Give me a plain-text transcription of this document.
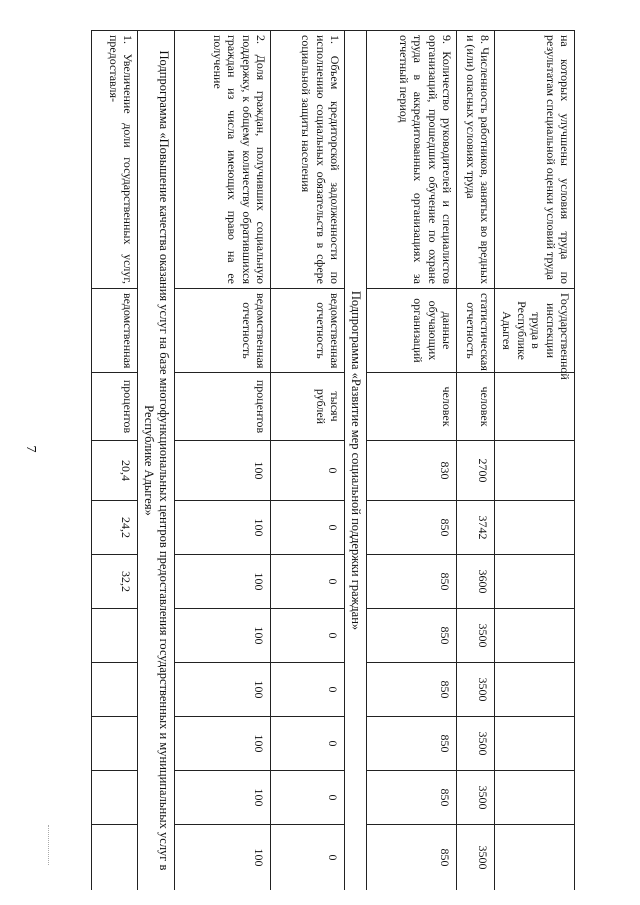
7
на которых улучшены условия труда по результатам специальной оценки условий труда	Государственной инспекции труда в Республике Адыгея									
8. Численность работников, занятых во вредных и (или) опасных условиях труда	статистическая отчетность	человек	2700	3742	3600	3500	3500	3500	3500	3500
9. Количество руководителей и специалистов организаций, прошедших обучение по охране труда в аккредитованных организациях за отчетный период	данные обучающих организаций	человек	830	850	850	850	850	850	850	850
Подпрограмма «Развитие мер социальной поддержки граждан»										
1. Объем кредиторской задолженности по исполнению социальных обязательств в сфере социальной защиты населения	ведомственная отчетность	тысяч рублей	0	0	0	0	0	0	0	0
2. Доля граждан, получивших социальную поддержку, к общему количеству обратившихся граждан из числа имеющих право на ее получение	ведомственная отчетность	процентов	100	100	100	100	100	100	100	100
Подпрограмма «Повышение качества оказания услуг на базе многофункциональных центров предоставления государственных и муниципальных услуг в Республике Адыгея»										
1. Увеличение доли государственных услуг, предоставля-	ведомственная	процентов	20,4	24,2	32,2					
